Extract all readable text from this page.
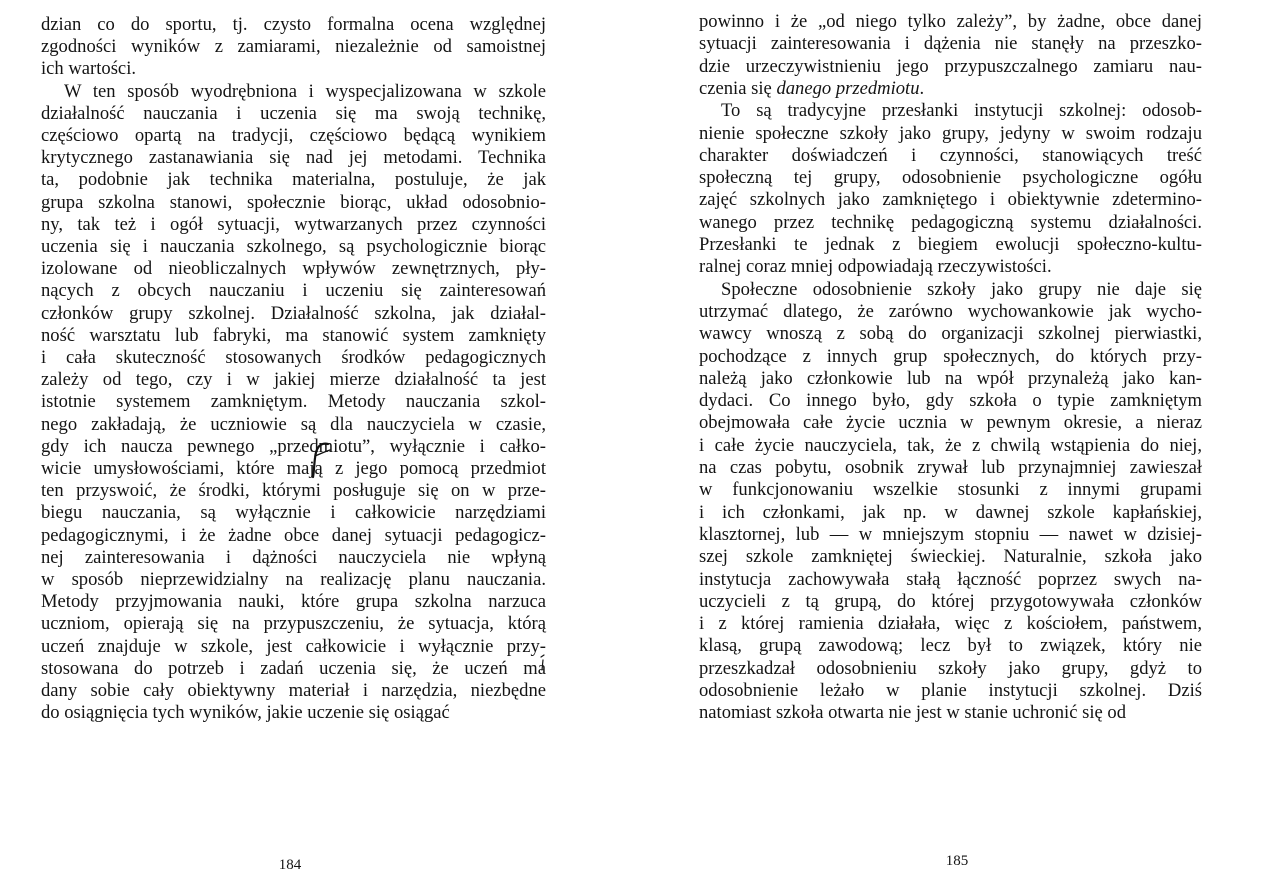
dzian co do sportu, tj. czysto formalna ocena względnej
zgodności wyników z zamiarami, niezależnie od samoistnej
ich wartości.
W ten sposób wyodrębniona i wyspecjalizowana w szkole
działalność nauczania i uczenia się ma swoją technikę,
częściowo opartą na tradycji, częściowo będącą wynikiem
krytycznego zastanawiania się nad jej metodami. Technika
ta, podobnie jak technika materialna, postuluje, że jak
grupa szkolna stanowi, społecznie biorąc, układ odosobnio-
ny, tak też i ogół sytuacji, wytwarzanych przez czynności
uczenia się i nauczania szkolnego, są psychologicznie biorąc
izolowane od nieobliczalnych wpływów zewnętrznych, pły-
nących z obcych nauczaniu i uczeniu się zainteresowań
członków grupy szkolnej. Działalność szkolna, jak działal-
ność warsztatu lub fabryki, ma stanowić system zamknięty
i cała skuteczność stosowanych środków pedagogicznych
zależy od tego, czy i w jakiej mierze działalność ta jest
istotnie systemem zamkniętym. Metody nauczania szkol-
nego zakładają, że uczniowie są dla nauczyciela w czasie,
gdy ich naucza pewnego „przedmiotu”, wyłącznie i całko-
wicie umysłowościami, które mają z jego pomocą przedmiot
ten przyswoić, że środki, którymi posługuje się on w prze-
biegu nauczania, są wyłącznie i całkowicie narzędziami
pedagogicznymi, i że żadne obce danej sytuacji pedagogicz-
nej zainteresowania i dążności nauczyciela nie wpłyną
w sposób nieprzewidzialny na realizację planu nauczania.
Metody przyjmowania nauki, które grupa szkolna narzuca
uczniom, opierają się na przypuszczeniu, że sytuacja, którą
uczeń znajduje w szkole, jest całkowicie i wyłącznie przy-
stosowana do potrzeb i zadań uczenia się, że uczeń ma
dany sobie cały obiektywny materiał i narzędzia, niezbędne
do osiągnięcia tych wyników, jakie uczenie się osiągać
184
powinno i że „od niego tylko zależy”, by żadne, obce danej
sytuacji zainteresowania i dążenia nie stanęły na przeszko-
dzie urzeczywistnieniu jego przypuszczalnego zamiaru nau-
czenia się danego przedmiotu.
To są tradycyjne przesłanki instytucji szkolnej: odosob-
nienie społeczne szkoły jako grupy, jedyny w swoim rodzaju
charakter doświadczeń i czynności, stanowiących treść
społeczną tej grupy, odosobnienie psychologiczne ogółu
zajęć szkolnych jako zamkniętego i obiektywnie zdetermino-
wanego przez technikę pedagogiczną systemu działalności.
Przesłanki te jednak z biegiem ewolucji społeczno-kultu-
ralnej coraz mniej odpowiadają rzeczywistości.
Społeczne odosobnienie szkoły jako grupy nie daje się
utrzymać dlatego, że zarówno wychowankowie jak wycho-
wawcy wnoszą z sobą do organizacji szkolnej pierwiastki,
pochodzące z innych grup społecznych, do których przy-
należą jako członkowie lub na wpół przynależą jako kan-
dydaci. Co innego było, gdy szkoła o typie zamkniętym
obejmowała całe życie ucznia w pewnym okresie, a nieraz
i całe życie nauczyciela, tak, że z chwilą wstąpienia do niej,
na czas pobytu, osobnik zrywał lub przynajmniej zawieszał
w funkcjonowaniu wszelkie stosunki z innymi grupami
i ich członkami, jak np. w dawnej szkole kapłańskiej,
klasztornej, lub — w mniejszym stopniu — nawet w dzisiej-
szej szkole zamkniętej świeckiej. Naturalnie, szkoła jako
instytucja zachowywała stałą łączność poprzez swych na-
uczycieli z tą grupą, do której przygotowywała członków
i z której ramienia działała, więc z kościołem, państwem,
klasą, grupą zawodową; lecz był to związek, który nie
przeszkadzał odosobnieniu szkoły jako grupy, gdyż to
odosobnienie leżało w planie instytucji szkolnej. Dziś
natomiast szkoła otwarta nie jest w stanie uchronić się od
185
